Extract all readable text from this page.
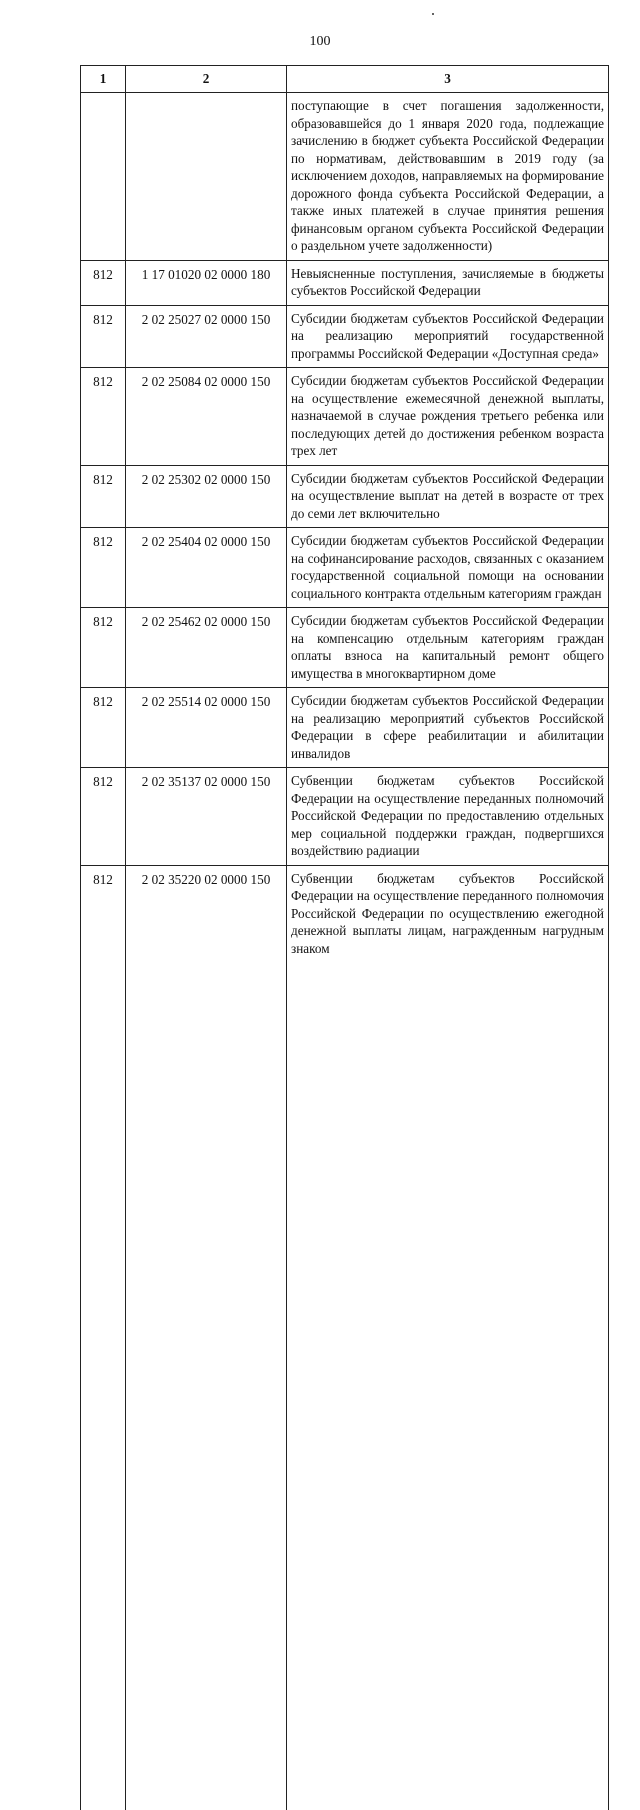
100
1	2	3
		поступающие в счет погашения задолженности, образовавшейся до 1 января 2020 года, подлежащие зачислению в бюджет субъекта Российской Федерации по нормативам, действовавшим в 2019 году (за исключением доходов, направляемых на формирование дорожного фонда субъекта Российской Федерации, а также иных платежей в случае принятия решения финансовым органом субъекта Российской Федерации о раздельном учете задолженности)
812	1 17 01020 02 0000 180	Невыясненные поступления, зачисляемые в бюджеты субъектов Российской Федерации
812	2 02 25027 02 0000 150	Субсидии бюджетам субъектов Российской Федерации на реализацию мероприятий государственной программы Российской Федерации «Доступная среда»
812	2 02 25084 02 0000 150	Субсидии бюджетам субъектов Российской Федерации на осуществление ежемесячной денежной выплаты, назначаемой в случае рождения третьего ребенка или последующих детей до достижения ребенком возраста трех лет
812	2 02 25302 02 0000 150	Субсидии бюджетам субъектов Российской Федерации на осуществление выплат на детей в возрасте от трех до семи лет включительно
812	2 02 25404 02 0000 150	Субсидии бюджетам субъектов Российской Федерации на софинансирование расходов, связанных с оказанием государственной социальной помощи на основании социального контракта отдельным категориям граждан
812	2 02 25462 02 0000 150	Субсидии бюджетам субъектов Российской Федерации на компенсацию отдельным категориям граждан оплаты взноса на капитальный ремонт общего имущества в многоквартирном доме
812	2 02 25514 02 0000 150	Субсидии бюджетам субъектов Российской Федерации на реализацию мероприятий субъектов Российской Федерации в сфере реабилитации и абилитации инвалидов
812	2 02 35137 02 0000 150	Субвенции бюджетам субъектов Российской Федерации на осуществление переданных полномочий Российской Федерации по предоставлению отдельных мер социальной поддержки граждан, подвергшихся воздействию радиации
812	2 02 35220 02 0000 150	Субвенции бюджетам субъектов Российской Федерации на осуществление переданного полномочия Российской Федерации по осуществлению ежегодной денежной выплаты лицам, награжденным нагрудным знаком
